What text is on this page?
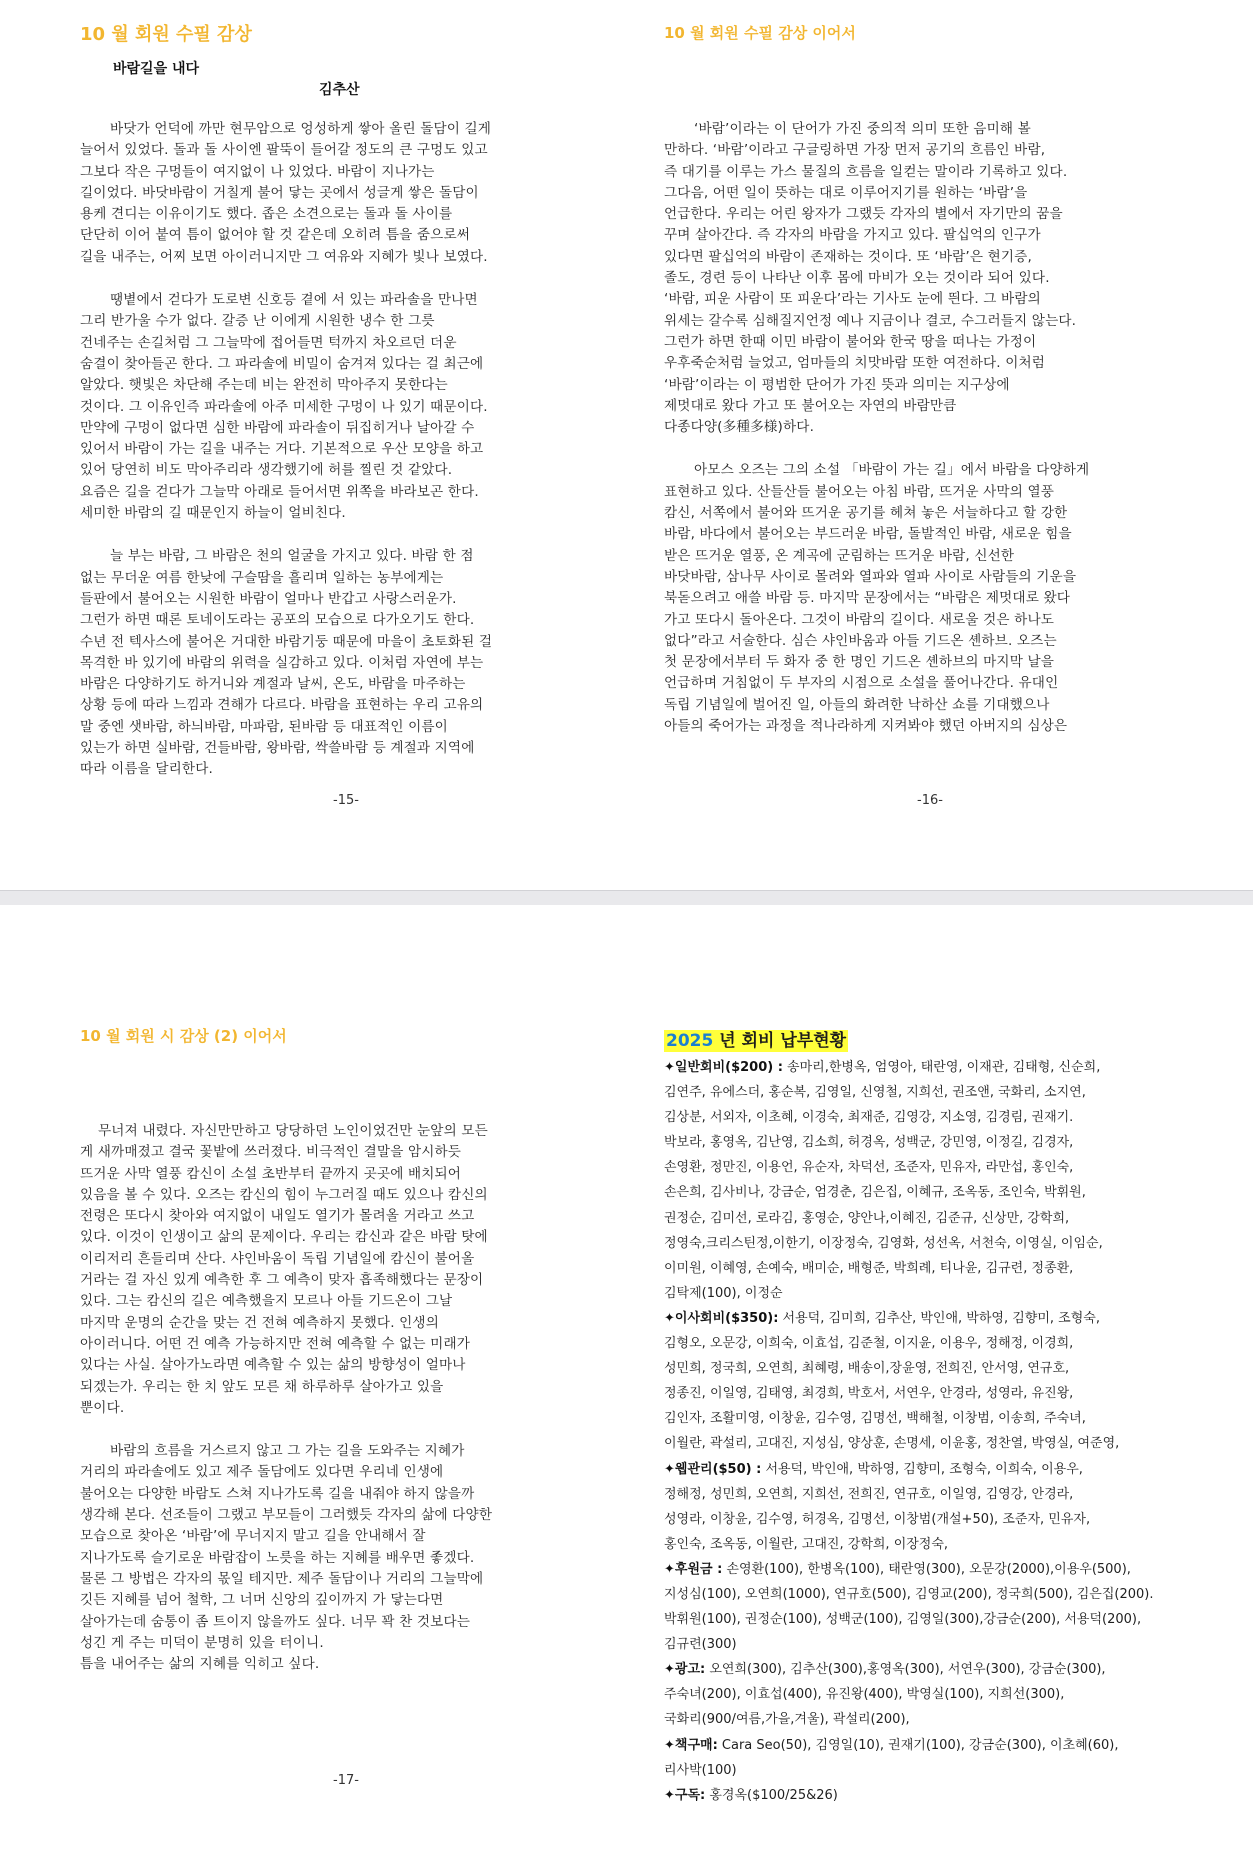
10 월 회원 수필 감상
바람길을 내다
김추산

바닷가 언덕에 까만 현무암으로 엉성하게 쌓아 올린 돌담이 길게
늘어서 있었다. 돌과 돌 사이엔 팔뚝이 들어갈 정도의 큰 구멍도 있고
그보다 작은 구멍들이 여지없이 나 있었다. 바람이 지나가는
길이었다. 바닷바람이 거칠게 불어 닿는 곳에서 성글게 쌓은 돌담이
용케 견디는 이유이기도 했다. 좁은 소견으로는 돌과 돌 사이를
단단히 이어 붙여 틈이 없어야 할 것 같은데 오히려 틈을 줌으로써
길을 내주는, 어찌 보면 아이러니지만 그 여유와 지혜가 빛나 보였다.

땡볕에서 걷다가 도로변 신호등 곁에 서 있는 파라솔을 만나면
그리 반가울 수가 없다. 갈증 난 이에게 시원한 냉수 한 그릇
건네주는 손길처럼 그 그늘막에 접어들면 턱까지 차오르던 더운
숨결이 찾아들곤 한다. 그 파라솔에 비밀이 숨겨져 있다는 걸 최근에
알았다. 햇빛은 차단해 주는데 비는 완전히 막아주지 못한다는
것이다. 그 이유인즉 파라솔에 아주 미세한 구멍이 나 있기 때문이다.
만약에 구멍이 없다면 심한 바람에 파라솔이 뒤집히거나 날아갈 수
있어서 바람이 가는 길을 내주는 거다. 기본적으로 우산 모양을 하고
있어 당연히 비도 막아주리라 생각했기에 허를 찔린 것 같았다.
요즘은 길을 걷다가 그늘막 아래로 들어서면 위쪽을 바라보곤 한다.
세미한 바람의 길 때문인지 하늘이 얼비친다.

늘 부는 바람, 그 바람은 천의 얼굴을 가지고 있다. 바람 한 점
없는 무더운 여름 한낮에 구슬땀을 흘리며 일하는 농부에게는
들판에서 불어오는 시원한 바람이 얼마나 반갑고 사랑스러운가.
그런가 하면 때론 토네이도라는 공포의 모습으로 다가오기도 한다.
수년 전 텍사스에 불어온 거대한 바람기둥 때문에 마을이 초토화된 걸
목격한 바 있기에 바람의 위력을 실감하고 있다. 이처럼 자연에 부는
바람은 다양하기도 하거니와 계절과 날씨, 온도, 바람을 마주하는
상황 등에 따라 느낌과 견해가 다르다. 바람을 표현하는 우리 고유의
말 중엔 샛바람, 하늬바람, 마파람, 된바람 등 대표적인 이름이
있는가 하면 실바람, 건들바람, 왕바람, 싹쓸바람 등 계절과 지역에
따라 이름을 달리한다.

-15-
10 월 회원 수필 감상 이어서

‘바람’이라는 이 단어가 가진 중의적 의미 또한 음미해 볼
만하다. ‘바람’이라고 구글링하면 가장 먼저 공기의 흐름인 바람,
즉 대기를 이루는 가스 물질의 흐름을 일컫는 말이라 기록하고 있다.
그다음, 어떤 일이 뜻하는 대로 이루어지기를 원하는 ‘바람’을
언급한다. 우리는 어린 왕자가 그랬듯 각자의 별에서 자기만의 꿈을
꾸며 살아간다. 즉 각자의 바람을 가지고 있다. 팔십억의 인구가
있다면 팔십억의 바람이 존재하는 것이다. 또 ‘바람’은 현기증,
졸도, 경련 등이 나타난 이후 몸에 마비가 오는 것이라 되어 있다.
‘바람, 피운 사람이 또 피운다’라는 기사도 눈에 띈다. 그 바람의
위세는 갈수록 심해질지언정 예나 지금이나 결코, 수그러들지 않는다.
그런가 하면 한때 이민 바람이 불어와 한국 땅을 떠나는 가정이
우후죽순처럼 늘었고, 엄마들의 치맛바람 또한 여전하다. 이처럼
‘바람’이라는 이 평범한 단어가 가진 뜻과 의미는 지구상에
제멋대로 왔다 가고 또 불어오는 자연의 바람만큼
다종다양(多種多様)하다.

아모스 오즈는 그의 소설 「바람이 가는 길」에서 바람을 다양하게
표현하고 있다. 산들산들 불어오는 아침 바람, 뜨거운 사막의 열풍
캄신, 서쪽에서 불어와 뜨거운 공기를 헤쳐 놓은 서늘하다고 할 강한
바람, 바다에서 불어오는 부드러운 바람, 돌발적인 바람, 새로운 힘을
받은 뜨거운 열풍, 온 계곡에 군림하는 뜨거운 바람, 신선한
바닷바람, 삼나무 사이로 몰려와 열파와 열파 사이로 사람들의 기운을
북돋으려고 애쓸 바람 등. 마지막 문장에서는 “바람은 제멋대로 왔다
가고 또다시 돌아온다. 그것이 바람의 길이다. 새로울 것은 하나도
없다”라고 서술한다. 심슨 샤인바움과 아들 기드온 셴하브. 오즈는
첫 문장에서부터 두 화자 중 한 명인 기드온 셴하브의 마지막 날을
언급하며 거침없이 두 부자의 시점으로 소설을 풀어나간다. 유대인
독립 기념일에 벌어진 일, 아들의 화려한 낙하산 쇼를 기대했으나
아들의 죽어가는 과정을 적나라하게 지켜봐야 했던 아버지의 심상은

-16-
10 월 회원 시 감상 (2) 이어서

무너져 내렸다. 자신만만하고 당당하던 노인이었건만 눈앞의 모든
게 새까매졌고 결국 꽃밭에 쓰러졌다. 비극적인 결말을 암시하듯
뜨거운 사막 열풍 캄신이 소설 초반부터 끝까지 곳곳에 배치되어
있음을 볼 수 있다. 오즈는 캄신의 힘이 누그러질 때도 있으나 캄신의
전령은 또다시 찾아와 여지없이 내일도 열기가 몰려올 거라고 쓰고
있다. 이것이 인생이고 삶의 문제이다. 우리는 캄신과 같은 바람 탓에
이리저리 흔들리며 산다. 샤인바움이 독립 기념일에 캄신이 불어올
거라는 걸 자신 있게 예측한 후 그 예측이 맞자 흡족해했다는 문장이
있다. 그는 캄신의 길은 예측했을지 모르나 아들 기드온이 그날
마지막 운명의 순간을 맞는 건 전혀 예측하지 못했다. 인생의
아이러니다. 어떤 건 예측 가능하지만 전혀 예측할 수 없는 미래가
있다는 사실. 살아가노라면 예측할 수 있는 삶의 방향성이 얼마나
되겠는가. 우리는 한 치 앞도 모른 채 하루하루 살아가고 있을
뿐이다.

바람의 흐름을 거스르지 않고 그 가는 길을 도와주는 지혜가
거리의 파라솔에도 있고 제주 돌담에도 있다면 우리네 인생에
불어오는 다양한 바람도 스쳐 지나가도록 길을 내줘야 하지 않을까
생각해 본다. 선조들이 그랬고 부모들이 그러했듯 각자의 삶에 다양한
모습으로 찾아온 ‘바람’에 무너지지 말고 길을 안내해서 잘
지나가도록 슬기로운 바람잡이 노릇을 하는 지혜를 배우면 좋겠다.
물론 그 방법은 각자의 몫일 테지만. 제주 돌담이나 거리의 그늘막에
깃든 지혜를 넘어 철학, 그 너머 신앙의 깊이까지 가 닿는다면
살아가는데 숨통이 좀 트이지 않을까도 싶다. 너무 꽉 찬 것보다는
성긴 게 주는 미덕이 분명히 있을 터이니.
틈을 내어주는 삶의 지혜를 익히고 싶다.

-17-
2025 년 회비 납부현황
✦일반회비($200) : 송마리,한병옥, 엄영아, 태란영, 이재관, 김태형, 신순희,
김연주, 유에스더, 홍순복, 김영일, 신영철, 지희선, 권조앤, 국화리, 소지연,
김상분, 서외자, 이초혜, 이경숙, 최재준, 김영강, 지소영, 김경림, 권재기.
박보라, 홍영옥, 김난영, 김소희, 허경옥, 성백군, 강민영, 이정길, 김경자,
손영환, 정만진, 이용언, 유순자, 차덕선, 조준자, 민유자, 라만섭, 홍인숙,
손은희, 김사비나, 강금순, 엄경춘, 김은집, 이혜규, 조옥동, 조인숙, 박휘원,
권정순, 김미선, 로라김, 홍영순, 양안나,이혜진, 김준규, 신상만, 강학희,
정영숙,크리스틴정,이한기, 이장정숙, 김영화, 성선옥, 서천숙, 이영실, 이임순,
이미원, 이혜영, 손예숙, 배미순, 배형준, 박희례, 티나윤, 김규련, 정종환,
김탁제(100), 이정순
✦이사회비($350): 서용덕, 김미희, 김추산, 박인애, 박하영, 김향미, 조형숙,
김형오, 오문강, 이희숙, 이효섭, 김준철, 이지윤, 이용우, 정해정, 이경희,
성민희, 정국희, 오연희, 최혜령, 배송이,장윤영, 전희진, 안서영, 연규호,
정종진, 이일영, 김태영, 최경희, 박호서, 서연우, 안경라, 성영라, 유진왕,
김인자, 조활미영, 이창윤, 김수영, 김명선, 백해철, 이창범, 이송희, 주숙녀,
이월란, 곽설리, 고대진, 지성심, 양상훈, 손명세, 이윤홍, 정찬열, 박영실, 여준영,
✦웹관리($50) : 서용덕, 박인애, 박하영, 김향미, 조형숙, 이희숙, 이용우,
정해정, 성민희, 오연희, 지희선, 전희진, 연규호, 이일영, 김영강, 안경라,
성영라, 이창윤, 김수영, 허경옥, 김명선, 이창범(개설+50), 조준자, 민유자,
홍인숙, 조옥동, 이월란, 고대진, 강학희, 이장정숙,
✦후원금 : 손영환(100), 한병옥(100), 태란영(300), 오문강(2000),이용우(500),
지성심(100), 오연희(1000), 연규호(500), 김영교(200), 정국희(500), 김은집(200).
박휘원(100), 권정순(100), 성백군(100), 김영일(300),강금순(200), 서용덕(200),
김규련(300)
✦광고: 오연희(300), 김추산(300),홍영옥(300), 서연우(300), 강금순(300),
주숙녀(200), 이효섭(400), 유진왕(400), 박영실(100), 지희선(300),
국화리(900/여름,가을,겨울), 곽설리(200),
✦책구매: Cara Seo(50), 김영일(10), 권재기(100), 강금순(300), 이초혜(60),
리사박(100)
✦구독: 홍경옥($100/25&26)
